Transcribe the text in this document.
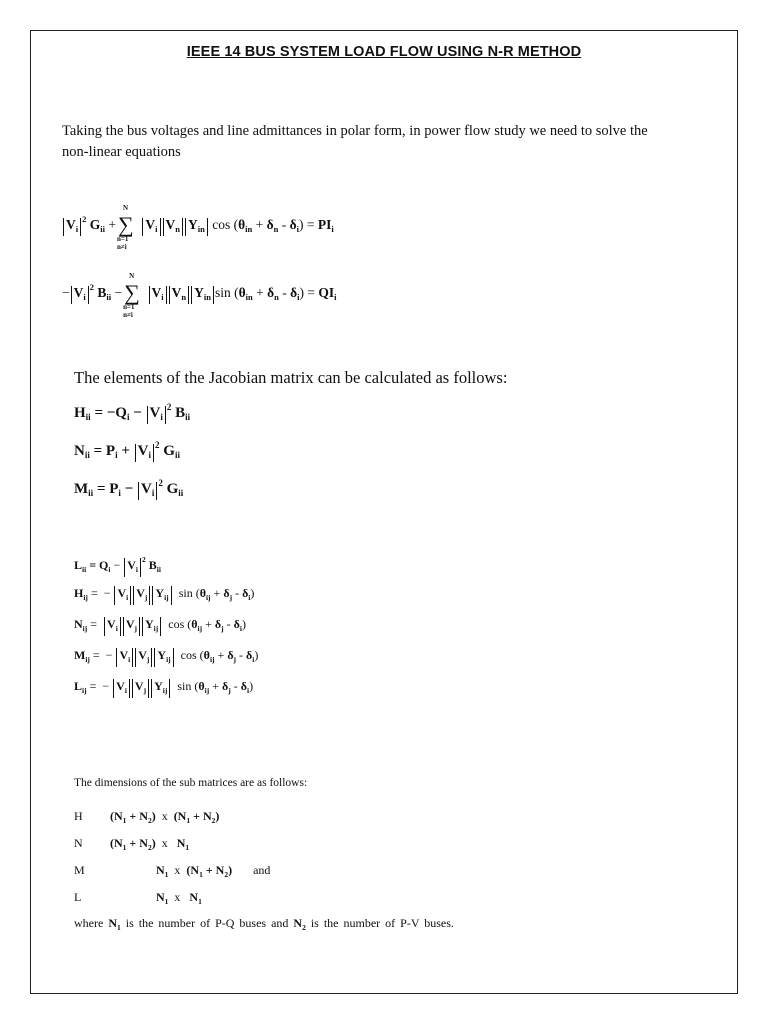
IEEE 14 BUS SYSTEM LOAD FLOW USING N-R METHOD
Taking the bus voltages and line admittances in polar form, in power flow study we need to solve the non-linear equations
$V_i^2$ $G_{ii}$ + ∑
N
n=1
n≠i
$V_i$ $V_n$ $Y_{in}$ $\cos (\theta_{in} + \delta_n - \delta_i) = PI_i$
− $V_i^2$ $B_{ii}$ − ∑
N
n=1
n≠i
$V_i$ $V_n$ $Y_{in}$ $\sin (\theta_{in} + \delta_n - \delta_i) = QI_i$
The elements of the Jacobian matrix can be calculated as follows:
$H_{ii} = -Q_i - V_i^2$ $B_{ii}$
$N_{ii} = P_i + V_i^2$ $G_{ii}$
$M_{ii} = P_i - V_i^2$ $G_{ii}$
$L_{ii} = Q_i - V_i^2$ $B_{ii}$
$H_{ij}$ =  − $V_i$ $V_j$ $Y_{ij}$  $\sin (\theta_{ij} + \delta_j - \delta_i)$
$N_{ij} = V_i$ $V_j$ $Y_{ij}$  $\cos (\theta_{ij} + \delta_j - \delta_i)$
$M_{ij}$ =  − $V_i$ $V_j$ $Y_{ij}$  $\cos (\theta_{ij} + \delta_j - \delta_i)$
$L_{ij}$ =  − $V_i$ $V_j$ $Y_{ij}$  $\sin (\theta_{ij} + \delta_j - \delta_i)$
The dimensions of the sub matrices are as follows:
H $(N_1 + N_2)$  x  $(N_1 + N_2)$
N $(N_1 + N_2)$  x   $N_1$
M	$N_1$  x  $(N_1 + N_2)$ and
L	$N_1$  x   $N_1$
where $N_1$ is the number of P-Q buses and $N_2$ is the number of P-V buses.
